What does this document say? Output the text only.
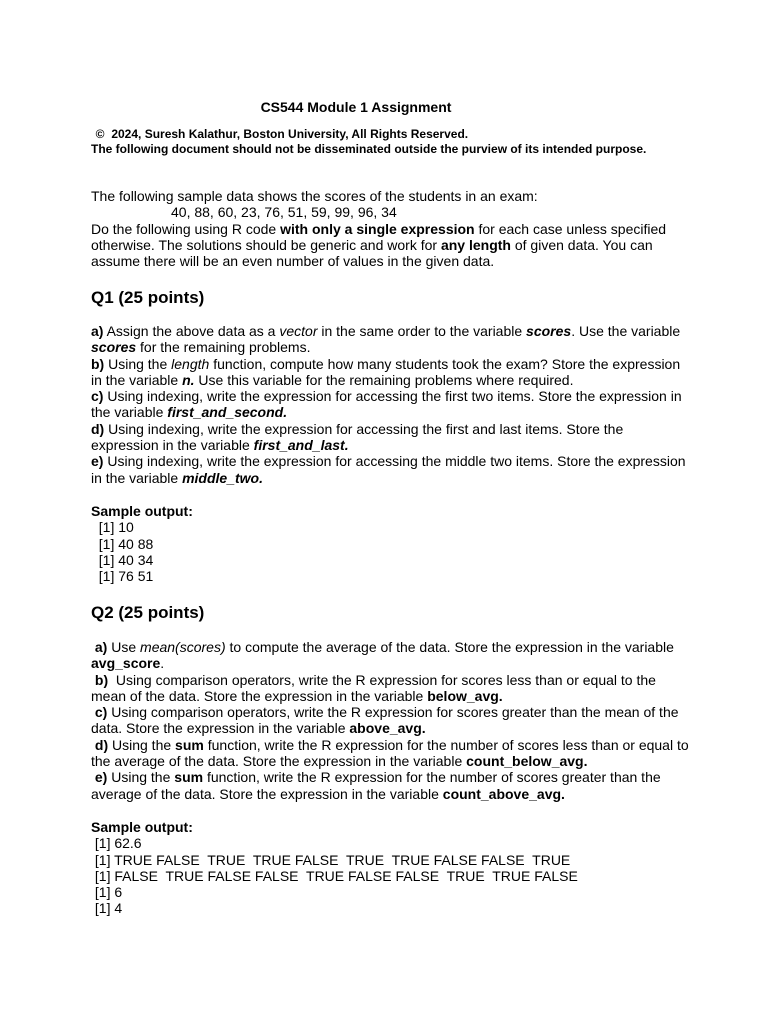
CS544 Module 1 Assignment
© 2024, Suresh Kalathur, Boston University, All Rights Reserved.
The following document should not be disseminated outside the purview of its intended purpose.

The following sample data shows the scores of the students in an exam:

40, 88, 60, 23, 76, 51, 59, 99, 96, 34

Do the following using R code with only a single expression for each case unless specified otherwise. The solutions should be generic and work for any length of given data. You can assume there will be an even number of values in the given data.

Q1 (25 points)

a) Assign the above data as a vector in the same order to the variable scores. Use the variable scores for the remaining problems.

b) Using the length function, compute how many students took the exam? Store the expression in the variable n. Use this variable for the remaining problems where required.

c) Using indexing, write the expression for accessing the first two items. Store the expression in the variable first_and_second.

d) Using indexing, write the expression for accessing the first and last items. Store the expression in the variable first_and_last.

e) Using indexing, write the expression for accessing the middle two items. Store the expression in the variable middle_two.

Sample output:
[1] 10
[1] 40 88
[1] 40 34
[1] 76 51
Q2 (25 points)

a) Use mean(scores) to compute the average of the data. Store the expression in the variable avg_score.

b)  Using comparison operators, write the R expression for scores less than or equal to the mean of the data. Store the expression in the variable below_avg.

c) Using comparison operators, write the R expression for scores greater than the mean of the data. Store the expression in the variable above_avg.

d) Using the sum function, write the R expression for the number of scores less than or equal to the average of the data. Store the expression in the variable count_below_avg.

e) Using the sum function, write the R expression for the number of scores greater than the average of the data. Store the expression in the variable count_above_avg.

Sample output:
[1] 62.6
[1] TRUE FALSE  TRUE  TRUE FALSE  TRUE  TRUE FALSE FALSE  TRUE
[1] FALSE  TRUE FALSE FALSE  TRUE FALSE FALSE  TRUE  TRUE FALSE
[1] 6
[1] 4
